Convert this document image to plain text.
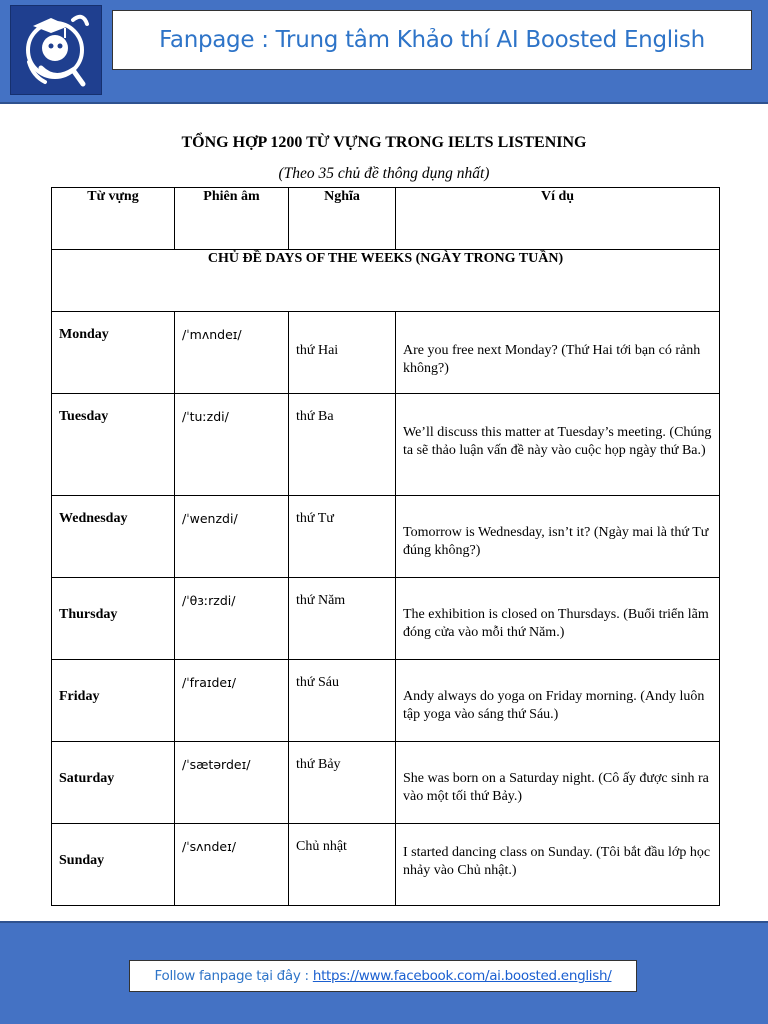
Fanpage : Trung tâm Khảo thí AI Boosted English
TỔNG HỢP 1200 TỪ VỰNG TRONG IELTS LISTENING
(Theo 35 chủ đề thông dụng nhất)
Từ vựng	Phiên âm	Nghĩa	Ví dụ
CHỦ ĐỀ DAYS OF THE WEEKS (NGÀY TRONG TUẦN)			
Monday	/ˈmʌndeɪ/	thứ Hai	Are you free next Monday? (Thứ Hai tới bạn có rảnh không?)
Tuesday	/ˈtuːzdi/	thứ Ba	We’ll discuss this matter at Tuesday’s meeting. (Chúng ta sẽ thảo luận vấn đề này vào cuộc họp ngày thứ Ba.)
Wednesday	/ˈwenzdi/	thứ Tư	Tomorrow is Wednesday, isn’t it? (Ngày mai là thứ Tư đúng không?)
Thursday	/ˈθɜːrzdi/	thứ Năm	The exhibition is closed on Thursdays. (Buổi triển lãm đóng cửa vào mỗi thứ Năm.)
Friday	/ˈfraɪdeɪ/	thứ Sáu	Andy always do yoga on Friday morning. (Andy luôn tập yoga vào sáng thứ Sáu.)
Saturday	/ˈsætərdeɪ/	thứ Bảy	She was born on a Saturday night. (Cô ấy được sinh ra vào một tối thứ Bảy.)
Sunday	/ˈsʌndeɪ/	Chủ nhật	I started dancing class on Sunday. (Tôi bắt đầu lớp học nhảy vào Chủ nhật.)
Follow fanpage tại đây : https://www.facebook.com/ai.boosted.english/
